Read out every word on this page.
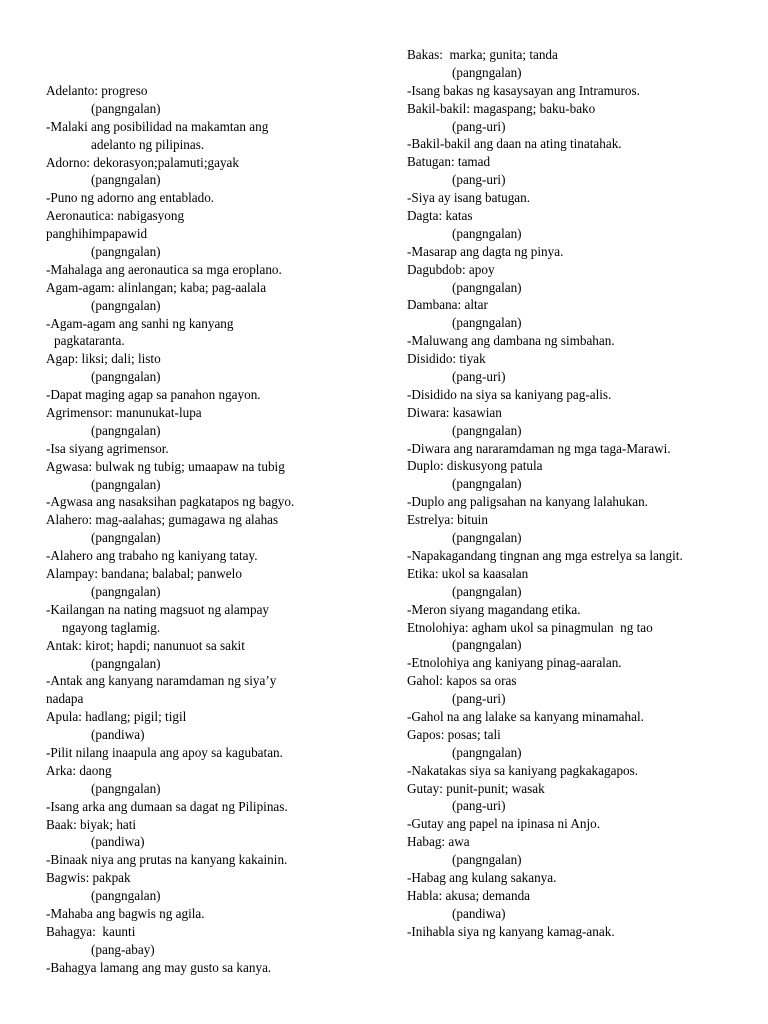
Adelanto: progreso
(pangngalan)
-Malaki ang posibilidad na makamtan ang
adelanto ng pilipinas.
Adorno: dekorasyon;palamuti;gayak
(pangngalan)
-Puno ng adorno ang entablado.
Aeronautica: nabigasyong
panghihimpapawid
(pangngalan)
-Mahalaga ang aeronautica sa mga eroplano.
Agam-agam: alinlangan; kaba; pag-aalala
(pangngalan)
-Agam-agam ang sanhi ng kanyang
pagkataranta.
Agap: liksi; dali; listo
(pangngalan)
-Dapat maging agap sa panahon ngayon.
Agrimensor: manunukat-lupa
(pangngalan)
-Isa siyang agrimensor.
Agwasa: bulwak ng tubig; umaapaw na tubig
(pangngalan)
-Agwasa ang nasaksihan pagkatapos ng bagyo.
Alahero: mag-aalahas; gumagawa ng alahas
(pangngalan)
-Alahero ang trabaho ng kaniyang tatay.
Alampay: bandana; balabal; panwelo
(pangngalan)
-Kailangan na nating magsuot ng alampay
ngayong taglamig.
Antak: kirot; hapdi; nanunuot sa sakit
(pangngalan)
-Antak ang kanyang naramdaman ng siya’y
nadapa
Apula: hadlang; pigil; tigil
(pandiwa)
-Pilit nilang inaapula ang apoy sa kagubatan.
Arka: daong
(pangngalan)
-Isang arka ang dumaan sa dagat ng Pilipinas.
Baak: biyak; hati
(pandiwa)
-Binaak niya ang prutas na kanyang kakainin.
Bagwis: pakpak
(pangngalan)
-Mahaba ang bagwis ng agila.
Bahagya:  kaunti
(pang-abay)
-Bahagya lamang ang may gusto sa kanya.
Bakas:  marka; gunita; tanda
(pangngalan)
-Isang bakas ng kasaysayan ang Intramuros.
Bakil-bakil: magaspang; baku-bako
(pang-uri)
-Bakil-bakil ang daan na ating tinatahak.
Batugan: tamad
(pang-uri)
-Siya ay isang batugan.
Dagta: katas
(pangngalan)
-Masarap ang dagta ng pinya.
Dagubdob: apoy
(pangngalan)
Dambana: altar
(pangngalan)
-Maluwang ang dambana ng simbahan.
Disidido: tiyak
(pang-uri)
-Disidido na siya sa kaniyang pag-alis.
Diwara: kasawian
(pangngalan)
-Diwara ang nararamdaman ng mga taga-Marawi.
Duplo: diskusyong patula
(pangngalan)
-Duplo ang paligsahan na kanyang lalahukan.
Estrelya: bituin
(pangngalan)
-Napakagandang tingnan ang mga estrelya sa langit.
Etika: ukol sa kaasalan
(pangngalan)
-Meron siyang magandang etika.
Etnolohiya: agham ukol sa pinagmulan  ng tao
(pangngalan)
-Etnolohiya ang kaniyang pinag-aaralan.
Gahol: kapos sa oras
(pang-uri)
-Gahol na ang lalake sa kanyang minamahal.
Gapos: posas; tali
(pangngalan)
-Nakatakas siya sa kaniyang pagkakagapos.
Gutay: punit-punit; wasak
(pang-uri)
-Gutay ang papel na ipinasa ni Anjo.
Habag: awa
(pangngalan)
-Habag ang kulang sakanya.
Habla: akusa; demanda
(pandiwa)
-Inihabla siya ng kanyang kamag-anak.
